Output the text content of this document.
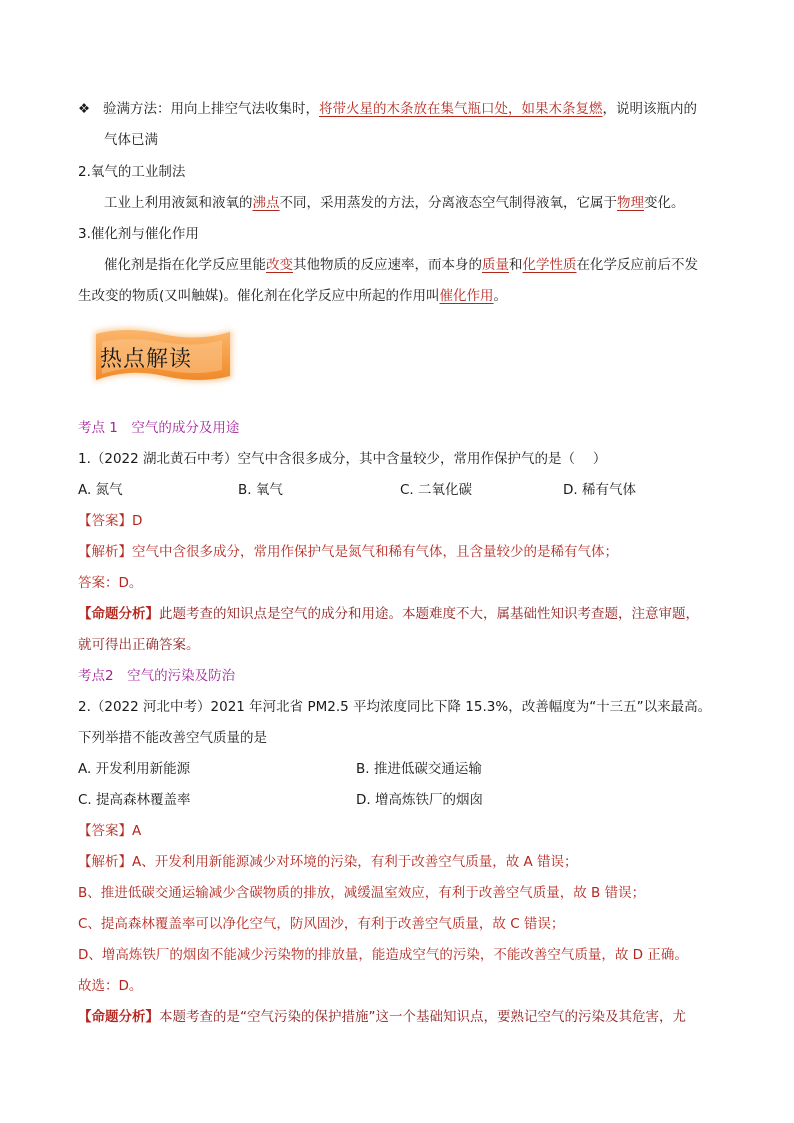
❖ 验满方法：用向上排空气法收集时，将带火星的木条放在集气瓶口处，如果木条复燃，说明该瓶内的
气体已满
2.氧气的工业制法
工业上利用液氮和液氧的沸点不同，采用蒸发的方法，分离液态空气制得液氧，它属于物理变化。
3.催化剂与催化作用
催化剂是指在化学反应里能改变其他物质的反应速率，而本身的质量和化学性质在化学反应前后不发
生改变的物质(又叫触媒)。催化剂在化学反应中所起的作用叫催化作用。
热点解读
考点 1　空气的成分及用途
1.（2022 湖北黄石中考）空气中含很多成分，其中含量较少，常用作保护气的是（　 ）
A. 氮气	B. 氧气	C. 二氧化碳	D. 稀有气体
【答案】D
【解析】空气中含很多成分，常用作保护气是氮气和稀有气体，且含量较少的是稀有气体；
答案：D。
【命题分析】此题考查的知识点是空气的成分和用途。本题难度不大，属基础性知识考查题，注意审题，
就可得出正确答案。
考点2　空气的污染及防治
2.（2022 河北中考）2021 年河北省 PM2.5 平均浓度同比下降 15.3%，改善幅度为“十三五”以来最高。
下列举措不能改善空气质量的是
A. 开发利用新能源	B. 推进低碳交通运输
C. 提高森林覆盖率	D. 增高炼铁厂的烟囱
【答案】A
【解析】A、开发利用新能源减少对环境的污染，有利于改善空气质量，故 A 错误；
B、推进低碳交通运输减少含碳物质的排放，减缓温室效应，有利于改善空气质量，故 B 错误；
C、提高森林覆盖率可以净化空气，防风固沙，有利于改善空气质量，故 C 错误；
D、增高炼铁厂的烟囱不能减少污染物的排放量，能造成空气的污染，不能改善空气质量，故 D 正确。
故选：D。
【命题分析】本题考查的是“空气污染的保护措施”这一个基础知识点，要熟记空气的污染及其危害，尤
